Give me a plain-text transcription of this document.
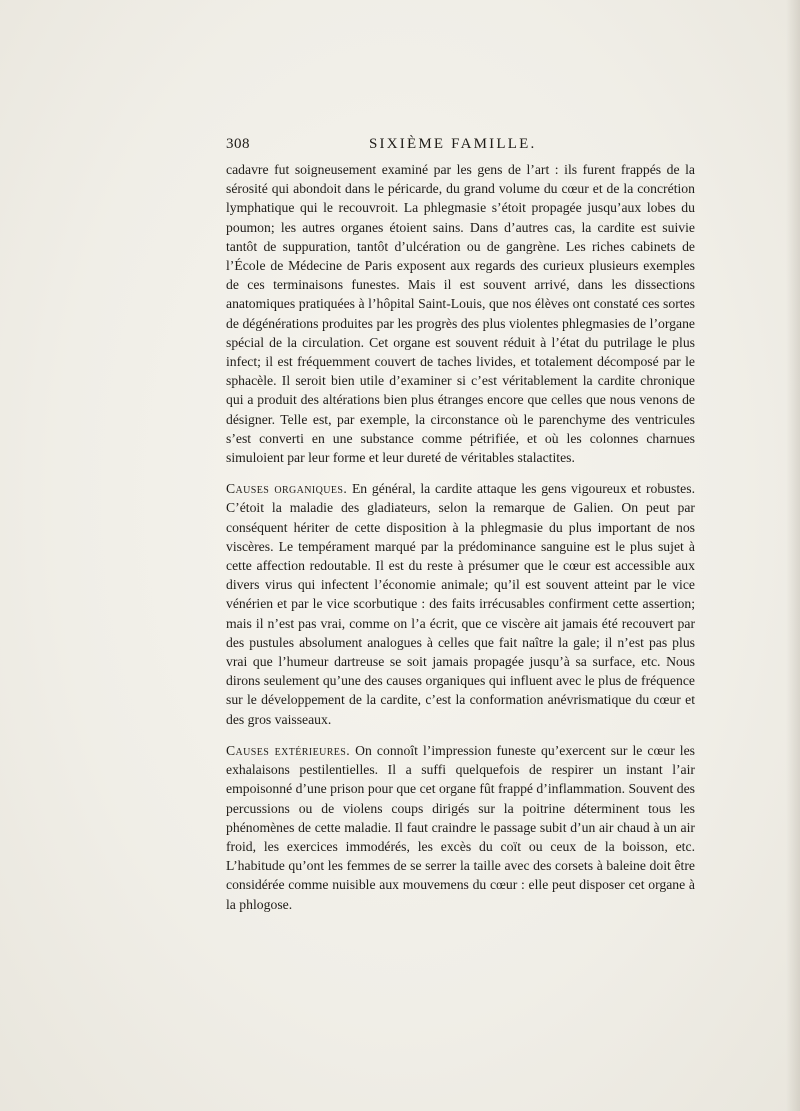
308	SIXIÈME FAMILLE.

cadavre fut soigneusement examiné par les gens de l’art : ils furent frappés de la sérosité qui abondoit dans le péricarde, du grand volume du cœur et de la concrétion lymphatique qui le recouvroit. La phlegmasie s’étoit propagée jusqu’aux lobes du poumon; les autres organes étoient sains. Dans d’autres cas, la cardite est suivie tantôt de suppuration, tantôt d’ulcération ou de gangrène. Les riches cabinets de l’École de Médecine de Paris exposent aux regards des curieux plusieurs exemples de ces terminaisons funestes. Mais il est souvent arrivé, dans les dissections anatomiques pratiquées à l’hôpital Saint-Louis, que nos élèves ont constaté ces sortes de dégénérations produites par les progrès des plus violentes phlegmasies de l’organe spécial de la circulation. Cet organe est souvent réduit à l’état du putrilage le plus infect; il est fréquemment couvert de taches livides, et totalement décomposé par le sphacèle. Il seroit bien utile d’examiner si c’est véritablement la cardite chronique qui a produit des altérations bien plus étranges encore que celles que nous venons de désigner. Telle est, par exemple, la circonstance où le parenchyme des ventricules s’est converti en une substance comme pétrifiée, et où les colonnes charnues simuloient par leur forme et leur dureté de véritables stalactites.

Causes organiques. En général, la cardite attaque les gens vigoureux et robustes. C’étoit la maladie des gladiateurs, selon la remarque de Galien. On peut par conséquent hériter de cette disposition à la phlegmasie du plus important de nos viscères. Le tempérament marqué par la prédominance sanguine est le plus sujet à cette affection redoutable. Il est du reste à présumer que le cœur est accessible aux divers virus qui infectent l’économie animale; qu’il est souvent atteint par le vice vénérien et par le vice scorbutique : des faits irrécusables confirment cette assertion; mais il n’est pas vrai, comme on l’a écrit, que ce viscère ait jamais été recouvert par des pustules absolument analogues à celles que fait naître la gale; il n’est pas plus vrai que l’humeur dartreuse se soit jamais propagée jusqu’à sa surface, etc. Nous dirons seulement qu’une des causes organiques qui influent avec le plus de fréquence sur le développement de la cardite, c’est la conformation anévrismatique du cœur et des gros vaisseaux.

Causes extérieures. On connoît l’impression funeste qu’exercent sur le cœur les exhalaisons pestilentielles. Il a suffi quelquefois de respirer un instant l’air empoisonné d’une prison pour que cet organe fût frappé d’inflammation. Souvent des percussions ou de violens coups dirigés sur la poitrine déterminent tous les phénomènes de cette maladie. Il faut craindre le passage subit d’un air chaud à un air froid, les exercices immodérés, les excès du coït ou ceux de la boisson, etc. L’habitude qu’ont les femmes de se serrer la taille avec des corsets à baleine doit être considérée comme nuisible aux mouvemens du cœur : elle peut disposer cet organe à la phlogose.
